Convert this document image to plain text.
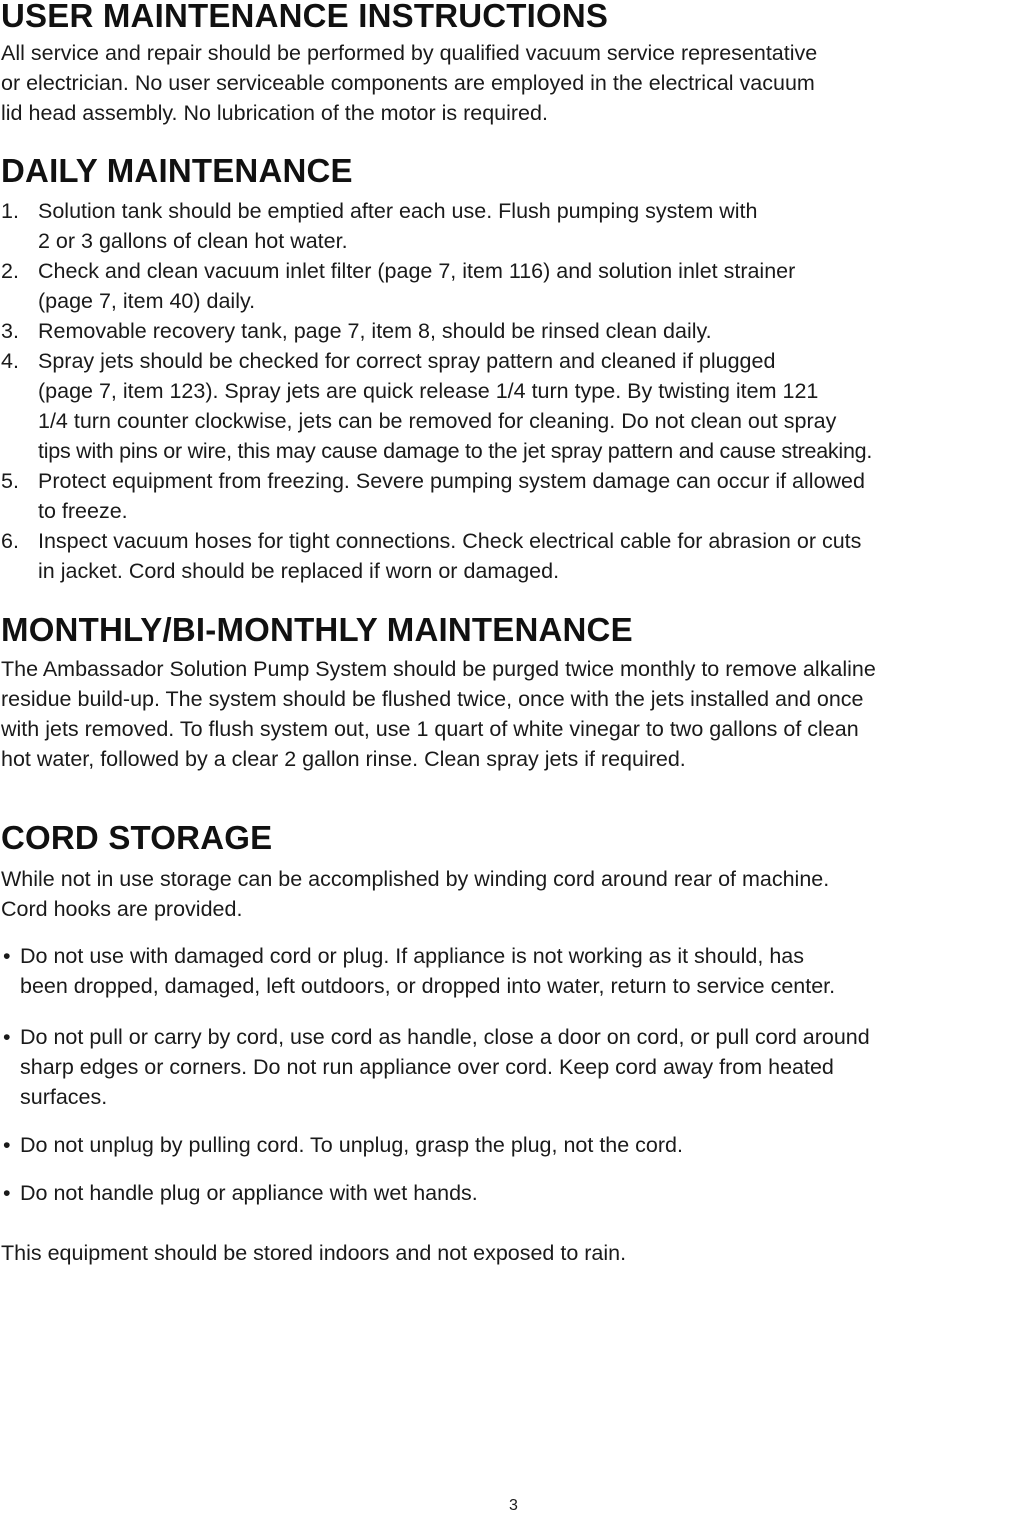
USER MAINTENANCE INSTRUCTIONS

All service and repair should be performed by qualified vacuum service representative

or electrician. No user serviceable components are employed in the electrical vacuum

lid head assembly. No lubrication of the motor is required.

DAILY MAINTENANCE
1. Solution tank should be emptied after each use. Flush pumping system with
2 or 3 gallons of clean hot water.
2. Check and clean vacuum inlet filter (page 7, item 116) and solution inlet strainer
(page 7, item 40) daily.
3. Removable recovery tank, page 7, item 8, should be rinsed clean daily.
4. Spray jets should be checked for correct spray pattern and cleaned if plugged
(page 7, item 123). Spray jets are quick release 1/4 turn type. By twisting item 121
1/4 turn counter clockwise, jets can be removed for cleaning. Do not clean out spray
tips with pins or wire, this may cause damage to the jet spray pattern and cause streaking.
5. Protect equipment from freezing. Severe pumping system damage can occur if allowed
to freeze.
6. Inspect vacuum hoses for tight connections. Check electrical cable for abrasion or cuts
in jacket. Cord should be replaced if worn or damaged.
MONTHLY/BI-MONTHLY MAINTENANCE

The Ambassador Solution Pump System should be purged twice monthly to remove alkaline

residue build-up. The system should be flushed twice, once with the jets installed and once

with jets removed. To flush system out, use 1 quart of white vinegar to two gallons of clean

hot water, followed by a clear 2 gallon rinse. Clean spray jets if required.

CORD STORAGE

While not in use storage can be accomplished by winding cord around rear of machine.

Cord hooks are provided.

• Do not use with damaged cord or plug. If appliance is not working as it should, has
been dropped, damaged, left outdoors, or dropped into water, return to service center.
• Do not pull or carry by cord, use cord as handle, close a door on cord, or pull cord around
sharp edges or corners. Do not run appliance over cord. Keep cord away from heated
surfaces.
• Do not unplug by pulling cord. To unplug, grasp the plug, not the cord.
• Do not handle plug or appliance with wet hands.

This equipment should be stored indoors and not exposed to rain.

3
